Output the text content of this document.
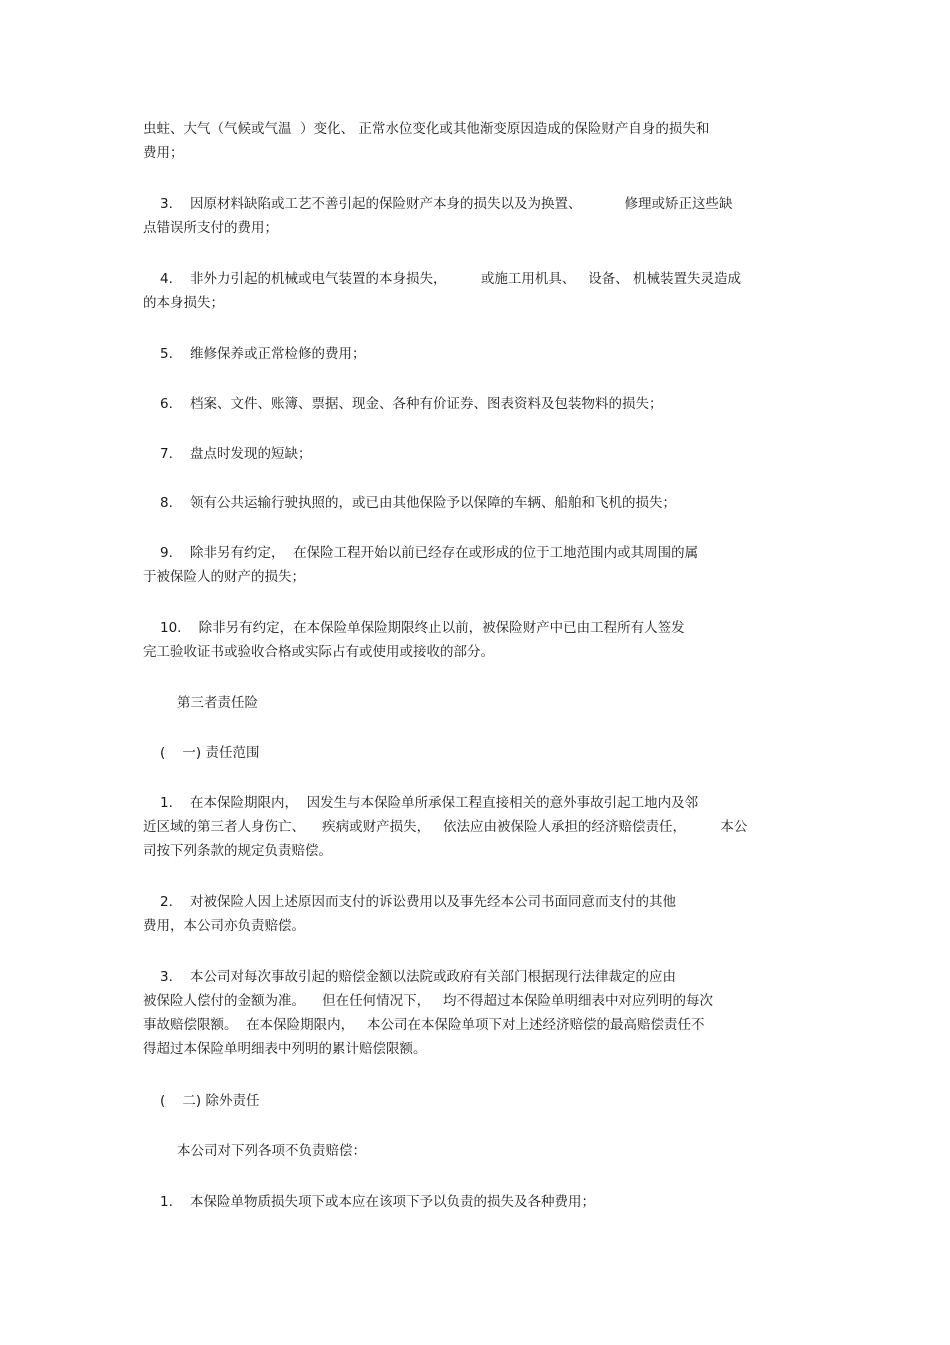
虫蛀、大气（气候或气温  ）变化、 正常水位变化或其他渐变原因造成的保险财产自身的损失和
费用；
3.    因原材料缺陷或工艺不善引起的保险财产本身的损失以及为换置、          修理或矫正这些缺
点错误所支付的费用；
4.    非外力引起的机械或电气装置的本身损失，        或施工用机具、   设备、 机械装置失灵造成
的本身损失；
5.    维修保养或正常检修的费用；
6.    档案、文件、账簿、票据、现金、各种有价证券、图表资料及包装物料的损失；
7.    盘点时发现的短缺；
8.    领有公共运输行驶执照的，或已由其他保险予以保障的车辆、船舶和飞机的损失；
9.    除非另有约定，  在保险工程开始以前已经存在或形成的位于工地范围内或其周围的属
于被保险人的财产的损失；
10.    除非另有约定，在本保险单保险期限终止以前，被保险财产中已由工程所有人签发
完工验收证书或验收合格或实际占有或使用或接收的部分。
第三者责任险
(    一) 责任范围
1.    在本保险期限内，  因发生与本保险单所承保工程直接相关的意外事故引起工地内及邻
近区域的第三者人身伤亡、    疾病或财产损失，   依法应由被保险人承担的经济赔偿责任，        本公
司按下列条款的规定负责赔偿。
2.    对被保险人因上述原因而支付的诉讼费用以及事先经本公司书面同意而支付的其他
费用，本公司亦负责赔偿。
3.    本公司对每次事故引起的赔偿金额以法院或政府有关部门根据现行法律裁定的应由
被保险人偿付的金额为准。    但在任何情况下，   均不得超过本保险单明细表中对应列明的每次
事故赔偿限额。  在本保险期限内，   本公司在本保险单项下对上述经济赔偿的最高赔偿责任不
得超过本保险单明细表中列明的累计赔偿限额。
(    二) 除外责任
本公司对下列各项不负责赔偿：
1.    本保险单物质损失项下或本应在该项下予以负责的损失及各种费用；
